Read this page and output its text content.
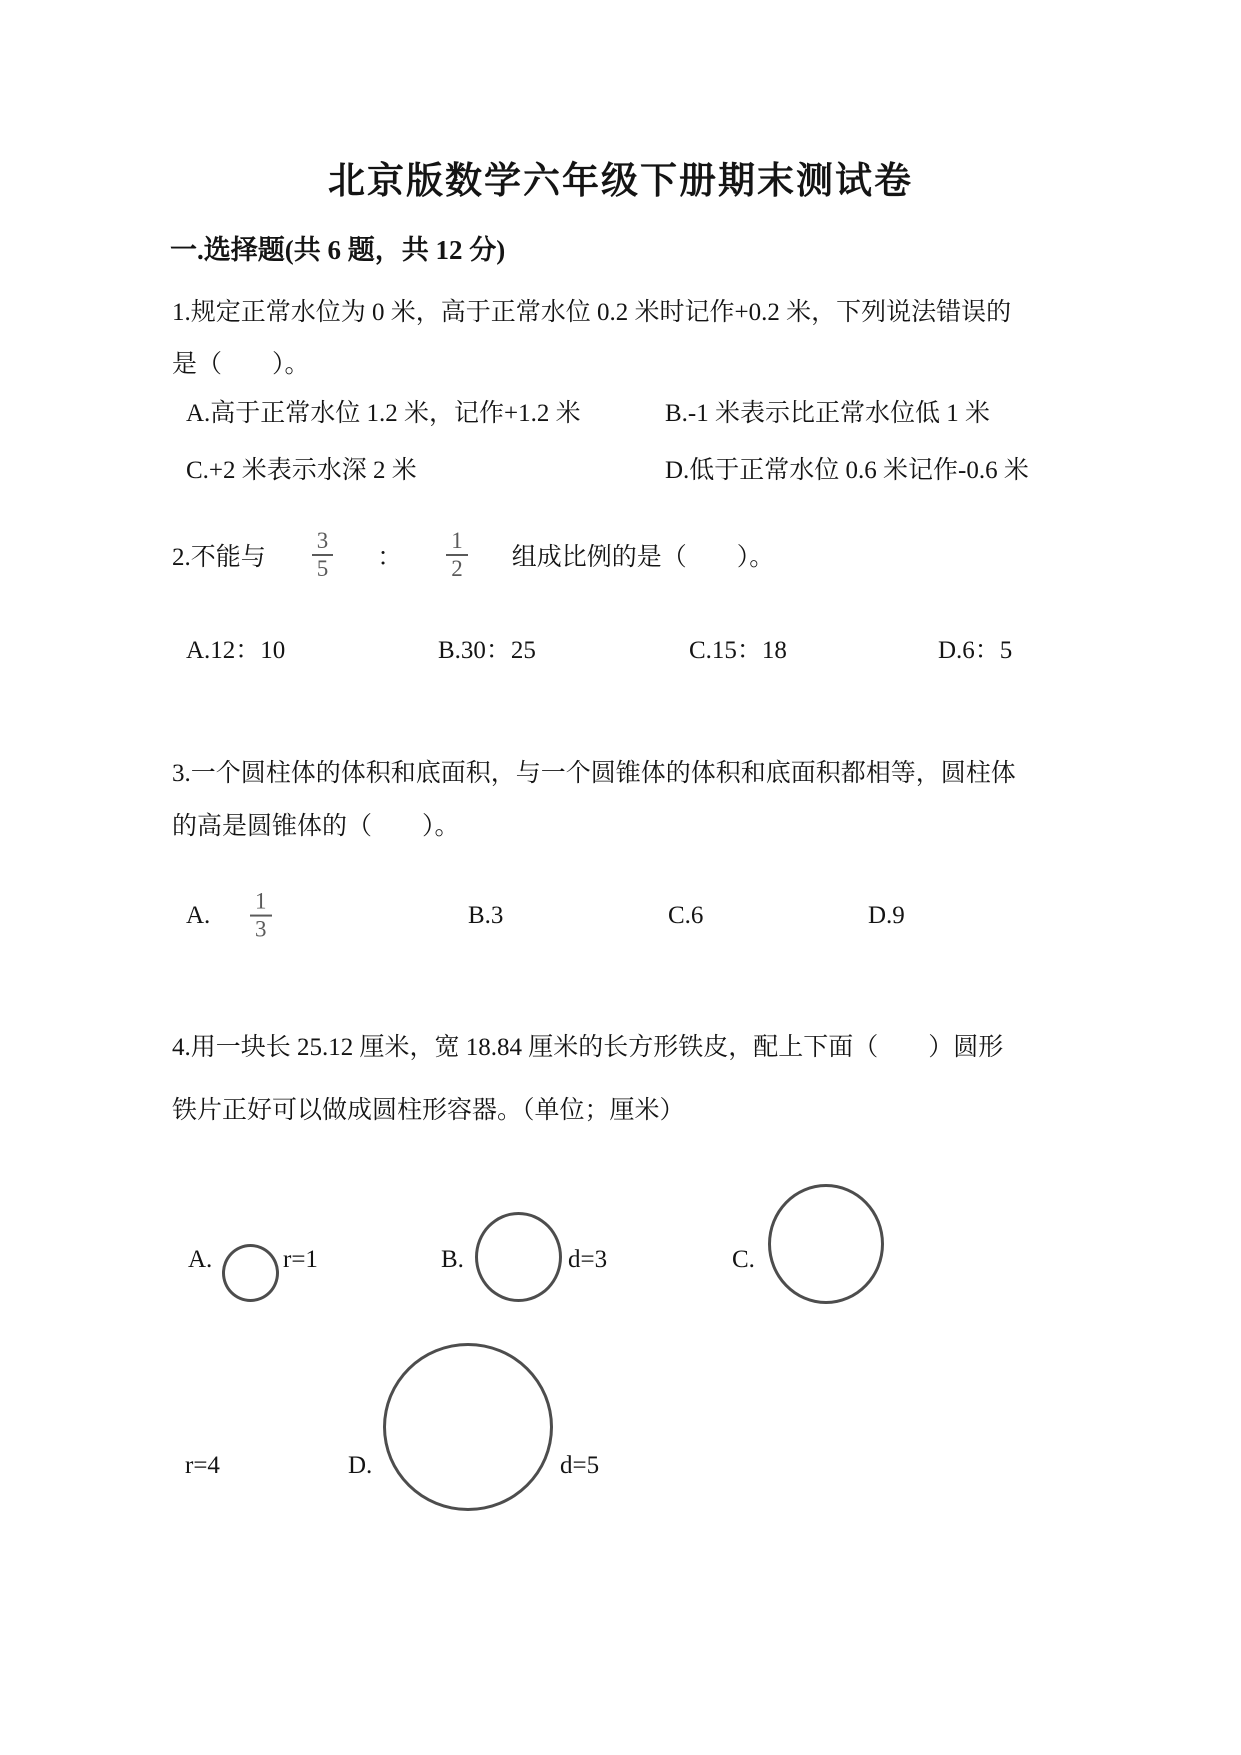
北京版数学六年级下册期末测试卷
一.选择题(共 6 题，共 12 分)
1.规定正常水位为 0 米，高于正常水位 0.2 米时记作+0.2 米，下列说法错误的
是（　　）。
A.高于正常水位 1.2 米，记作+1.2 米	B.-1 米表示比正常水位低 1 米
C.+2 米表示水深 2 米	D.低于正常水位 0.6 米记作-0.6 米
2.不能与 $\frac{3}{5}$ ： $\frac{1}{2}$ 组成比例的是（　　）。
A.12：10	B.30：25	C.15：18	D.6：5
3.一个圆柱体的体积和底面积，与一个圆锥体的体积和底面积都相等，圆柱体
的高是圆锥体的（　　）。
A. $\frac{1}{3}$	B.3	C.6	D.9
4.用一块长 25.12 厘米，宽 18.84 厘米的长方形铁皮，配上下面（　　）圆形
铁片正好可以做成圆柱形容器。（单位；厘米）
A.	r=1	B.	d=3	C.
r=4	D.	d=5
